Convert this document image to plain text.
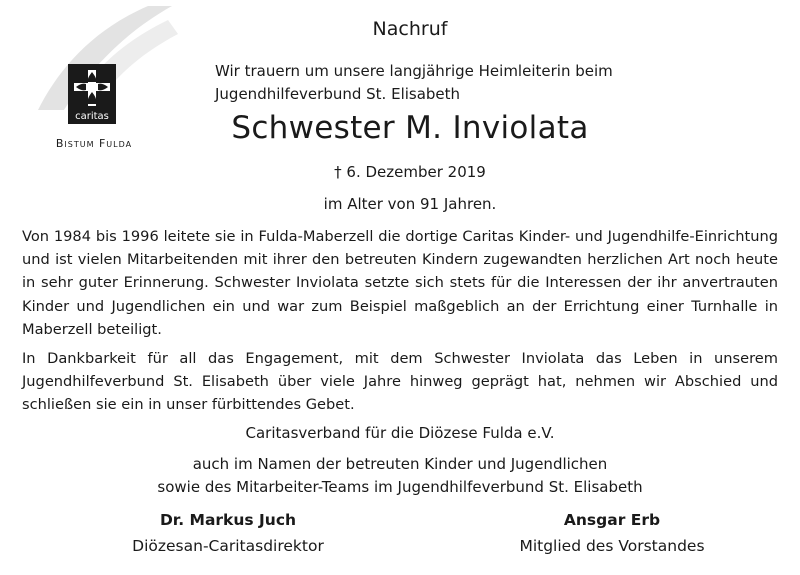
caritas
Bistum Fulda
Nachruf
Wir trauern um unsere langjährige Heimleiterin beim
Jugendhilfeverbund St. Elisabeth
Schwester M. Inviolata
† 6. Dezember 2019
im Alter von 91 Jahren.

Von 1984 bis 1996 leitete sie in Fulda-Maberzell die dortige Caritas Kinder- und Jugendhilfe-Einrichtung und ist vielen Mitarbeitenden mit ihrer den betreuten Kindern zugewandten herzlichen Art noch heute in sehr guter Erinnerung. Schwester Inviolata setzte sich stets für die Interessen der ihr anvertrauten Kinder und Jugendlichen ein und war zum Beispiel maßgeblich an der Errichtung einer Turnhalle in Maberzell beteiligt.

In Dankbarkeit für all das Engagement, mit dem Schwester Inviolata das Leben in unserem Jugendhilfeverbund St. Elisabeth über viele Jahre hinweg geprägt hat, nehmen wir Abschied und schließen sie ein in unser fürbittendes Gebet.

Caritasverband für die Diözese Fulda e.V.
auch im Namen der betreuten Kinder und Jugendlichen
sowie des Mitarbeiter-Teams im Jugendhilfeverbund St. Elisabeth
Dr. Markus Juch
Diözesan-Caritasdirektor
Ansgar Erb
Mitglied des Vorstandes
